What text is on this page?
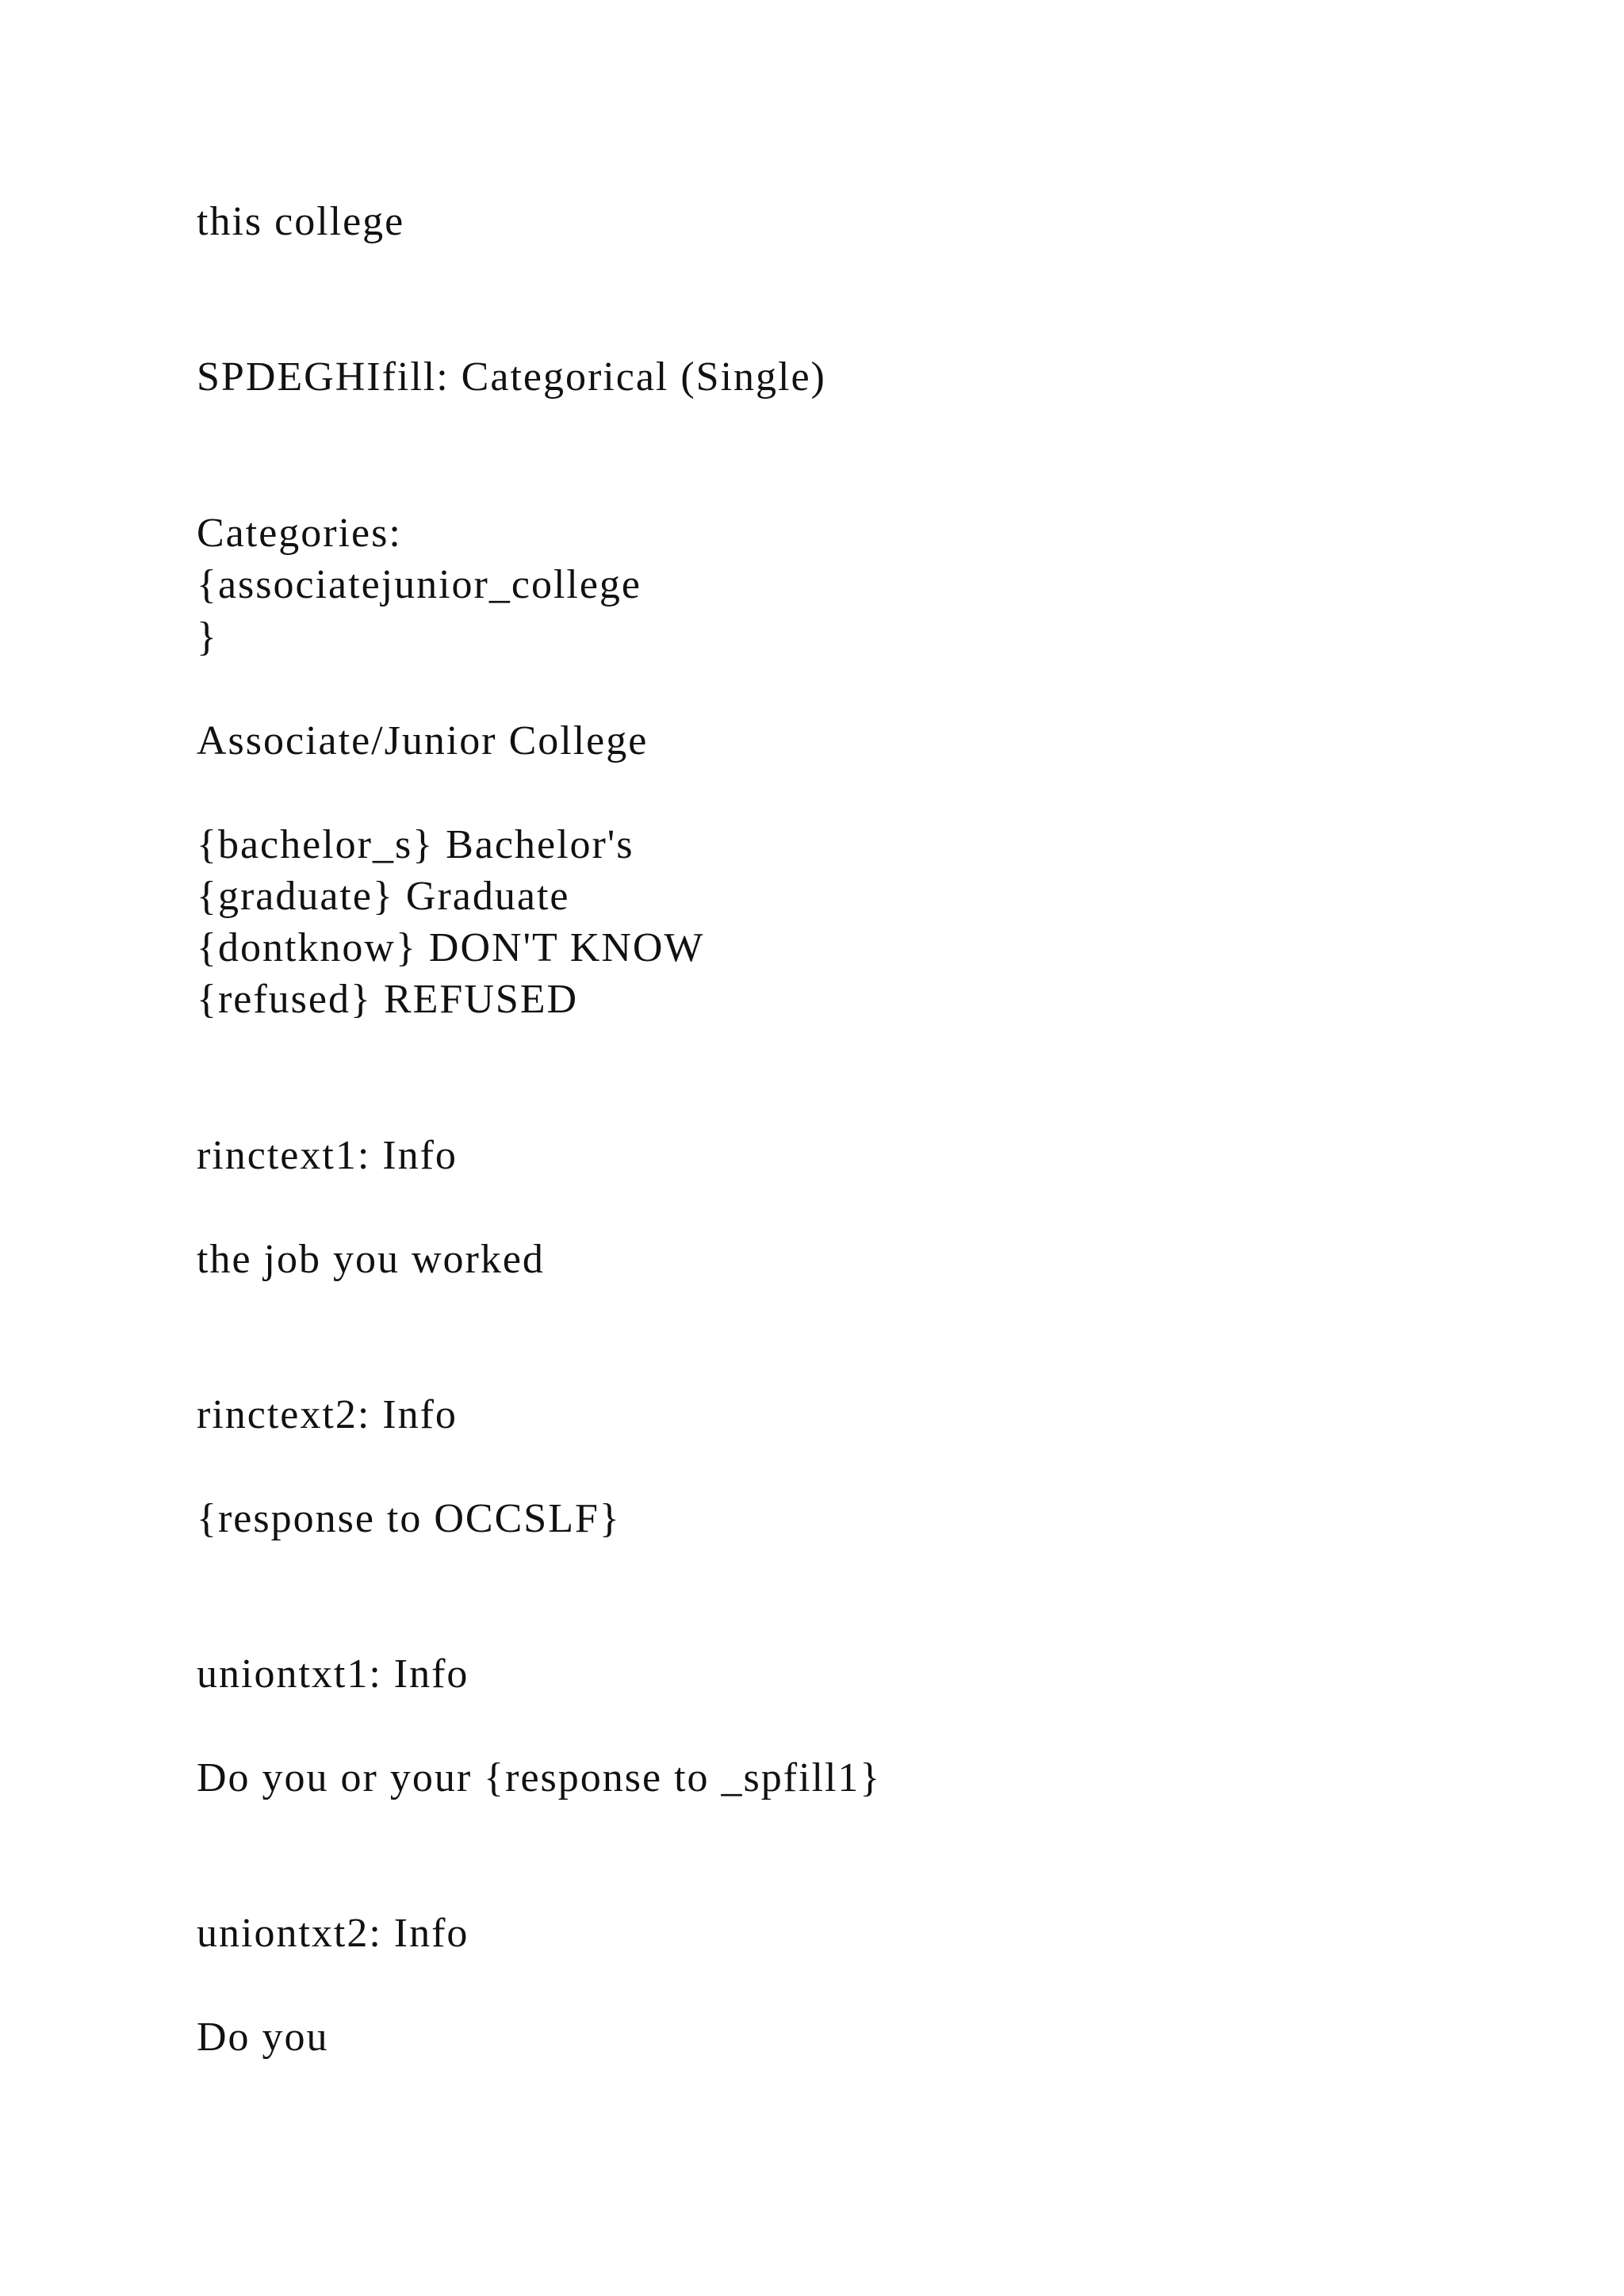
this college
SPDEGHIfill: Categorical (Single)
Categories:
{associatejunior_college
}
Associate/Junior College
{bachelor_s} Bachelor's
{graduate} Graduate
{dontknow} DON'T KNOW
{refused} REFUSED
rinctext1: Info
the job you worked
rinctext2: Info
{response to OCCSLF}
uniontxt1: Info
Do you or your {response to _spfill1}
uniontxt2: Info
Do you
